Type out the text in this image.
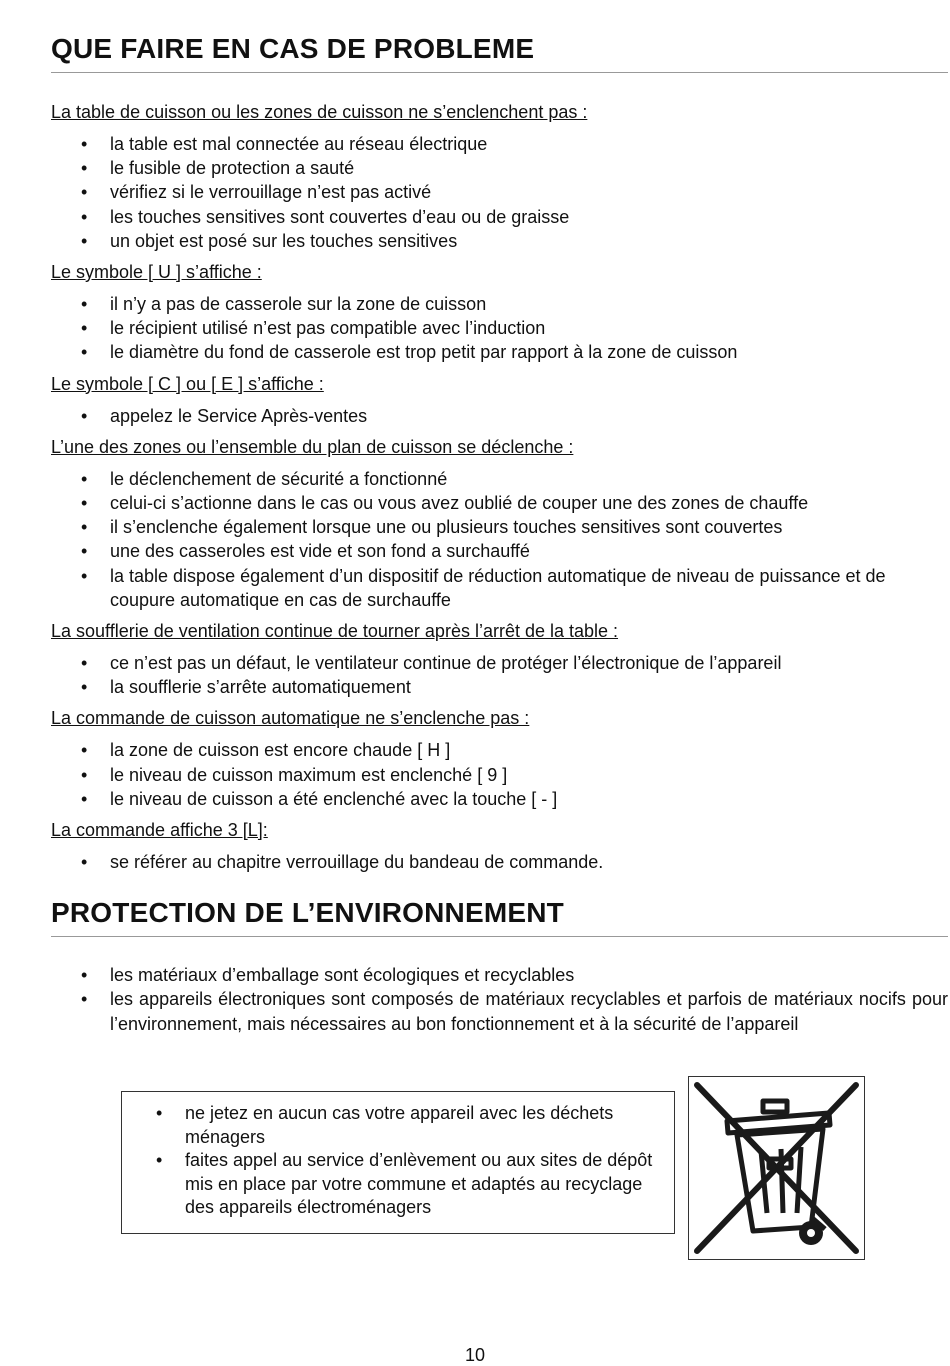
QUE FAIRE EN CAS DE PROBLEME

La table de cuisson ou les zones de cuisson ne s’enclenchent pas :

• la table est mal connectée au réseau électrique
• le fusible de protection a sauté
• vérifiez si le verrouillage n’est pas activé
• les touches sensitives sont couvertes d’eau ou de graisse
• un objet est posé sur les touches sensitives

Le symbole [ U ] s’affiche :

• il n’y a pas de casserole sur la zone de cuisson
• le récipient utilisé n’est pas compatible avec l’induction
• le diamètre du fond de casserole est trop petit par rapport à la zone de cuisson

Le symbole [ C ] ou [ E ] s’affiche :

• appelez le Service Après-ventes

L’une des zones ou l’ensemble du plan de cuisson se déclenche :

• le déclenchement de sécurité a fonctionné
• celui-ci s’actionne dans le cas ou vous avez oublié de couper une des zones de chauffe
• il s’enclenche également lorsque une ou plusieurs touches sensitives sont couvertes
• une des casseroles est vide et son fond a surchauffé
• la table dispose également d’un dispositif de réduction automatique de niveau de puissance et de coupure automatique en cas de surchauffe

La soufflerie de ventilation continue de tourner après l’arrêt de la table :

• ce n’est pas un défaut, le ventilateur continue de protéger l’électronique de l’appareil
• la soufflerie s’arrête automatiquement

La commande de cuisson automatique ne s’enclenche pas :

• la zone de cuisson est encore chaude [ H ]
• le niveau de cuisson maximum est enclenché [ 9 ]
• le niveau de cuisson a été enclenché avec la touche [ - ]

La commande affiche 3 [L]:

• se référer au chapitre verrouillage du bandeau de commande.
PROTECTION DE L’ENVIRONNEMENT
• les matériaux d’emballage sont écologiques et recyclables
• les appareils électroniques sont composés de matériaux recyclables et parfois de matériaux nocifs pour l’environnement, mais nécessaires au bon fonctionnement et à la sécurité de l’appareil
• ne jetez en aucun cas votre appareil avec les déchets ménagers
• faites appel au service d’enlèvement ou aux sites de dépôt mis en place par votre commune et adaptés au recyclage des appareils électroménagers
10
